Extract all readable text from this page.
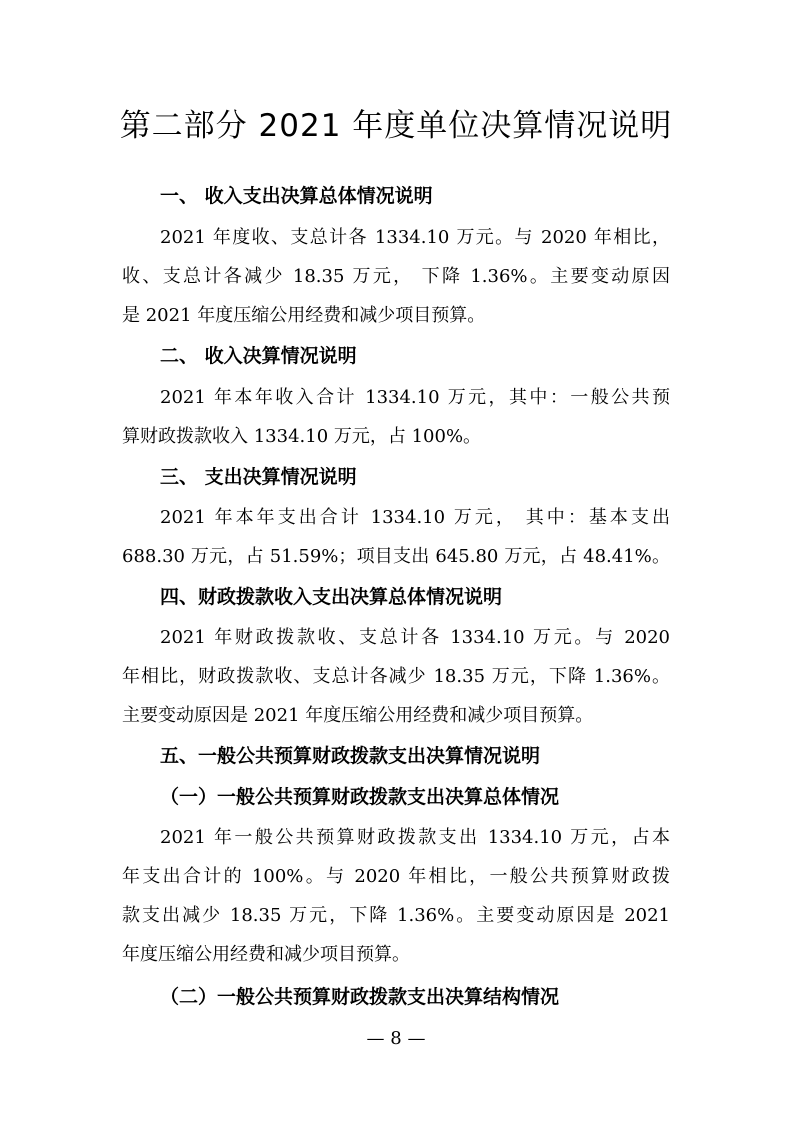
第二部分 2021 年度单位决算情况说明
一、 收入支出决算总体情况说明
2021 年度收、支总计各 1334.10 万元。与 2020 年相比，
收、支总计各减少 18.35 万元， 下降 1.36%。主要变动原因
是 2021 年度压缩公用经费和减少项目预算。
二、 收入决算情况说明
2021 年本年收入合计 1334.10 万元，其中：一般公共预
算财政拨款收入 1334.10 万元，占 100%。
三、 支出决算情况说明
2021 年本年支出合计 1334.10 万元， 其中：基本支出
688.30 万元，占 51.59%；项目支出 645.80 万元，占 48.41%。
四、财政拨款收入支出决算总体情况说明
2021 年财政拨款收、支总计各 1334.10 万元。与 2020
年相比，财政拨款收、支总计各减少 18.35 万元，下降 1.36%。
主要变动原因是 2021 年度压缩公用经费和减少项目预算。
五、一般公共预算财政拨款支出决算情况说明
（一）一般公共预算财政拨款支出决算总体情况
2021 年一般公共预算财政拨款支出 1334.10 万元，占本
年支出合计的 100%。与 2020 年相比，一般公共预算财政拨
款支出减少 18.35 万元，下降 1.36%。主要变动原因是 2021
年度压缩公用经费和减少项目预算。
（二）一般公共预算财政拨款支出决算结构情况
— 8 —
